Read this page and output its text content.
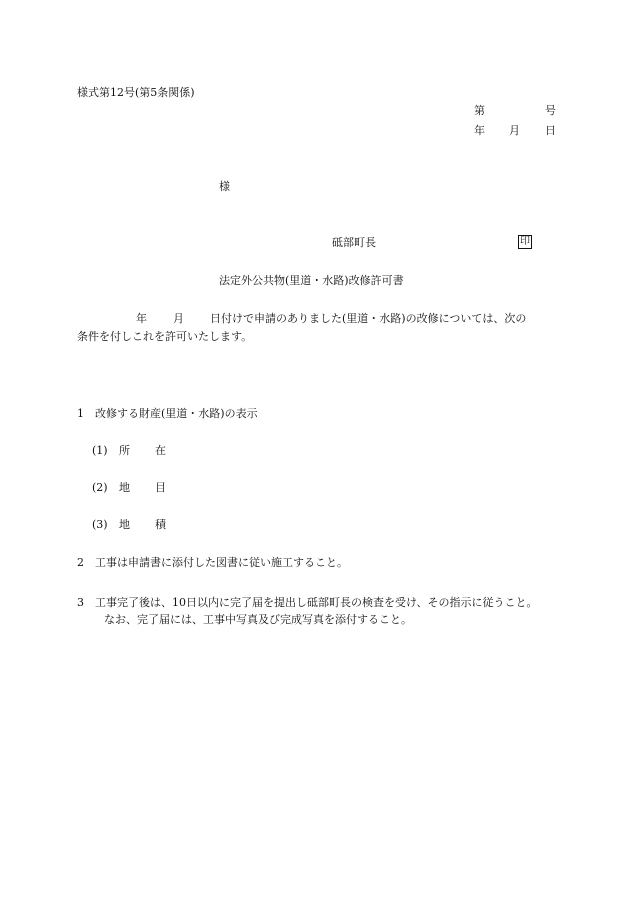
様式第12号(第5条関係)
第	号
年 月 日
様
砥部町長	印
法定外公共物(里道・水路)改修許可書
年 月 日付けで申請のありました(里道・水路)の改修については、次の
条件を付しこれを許可いたします。
1　改修する財産(里道・水路)の表示
(1) 所 在
(2) 地 目
(3) 地 積
2　工事は申請書に添付した図書に従い施工すること。
3　工事完了後は、10日以内に完了届を提出し砥部町長の検査を受け、その指示に従うこと。
なお、完了届には、工事中写真及び完成写真を添付すること。
